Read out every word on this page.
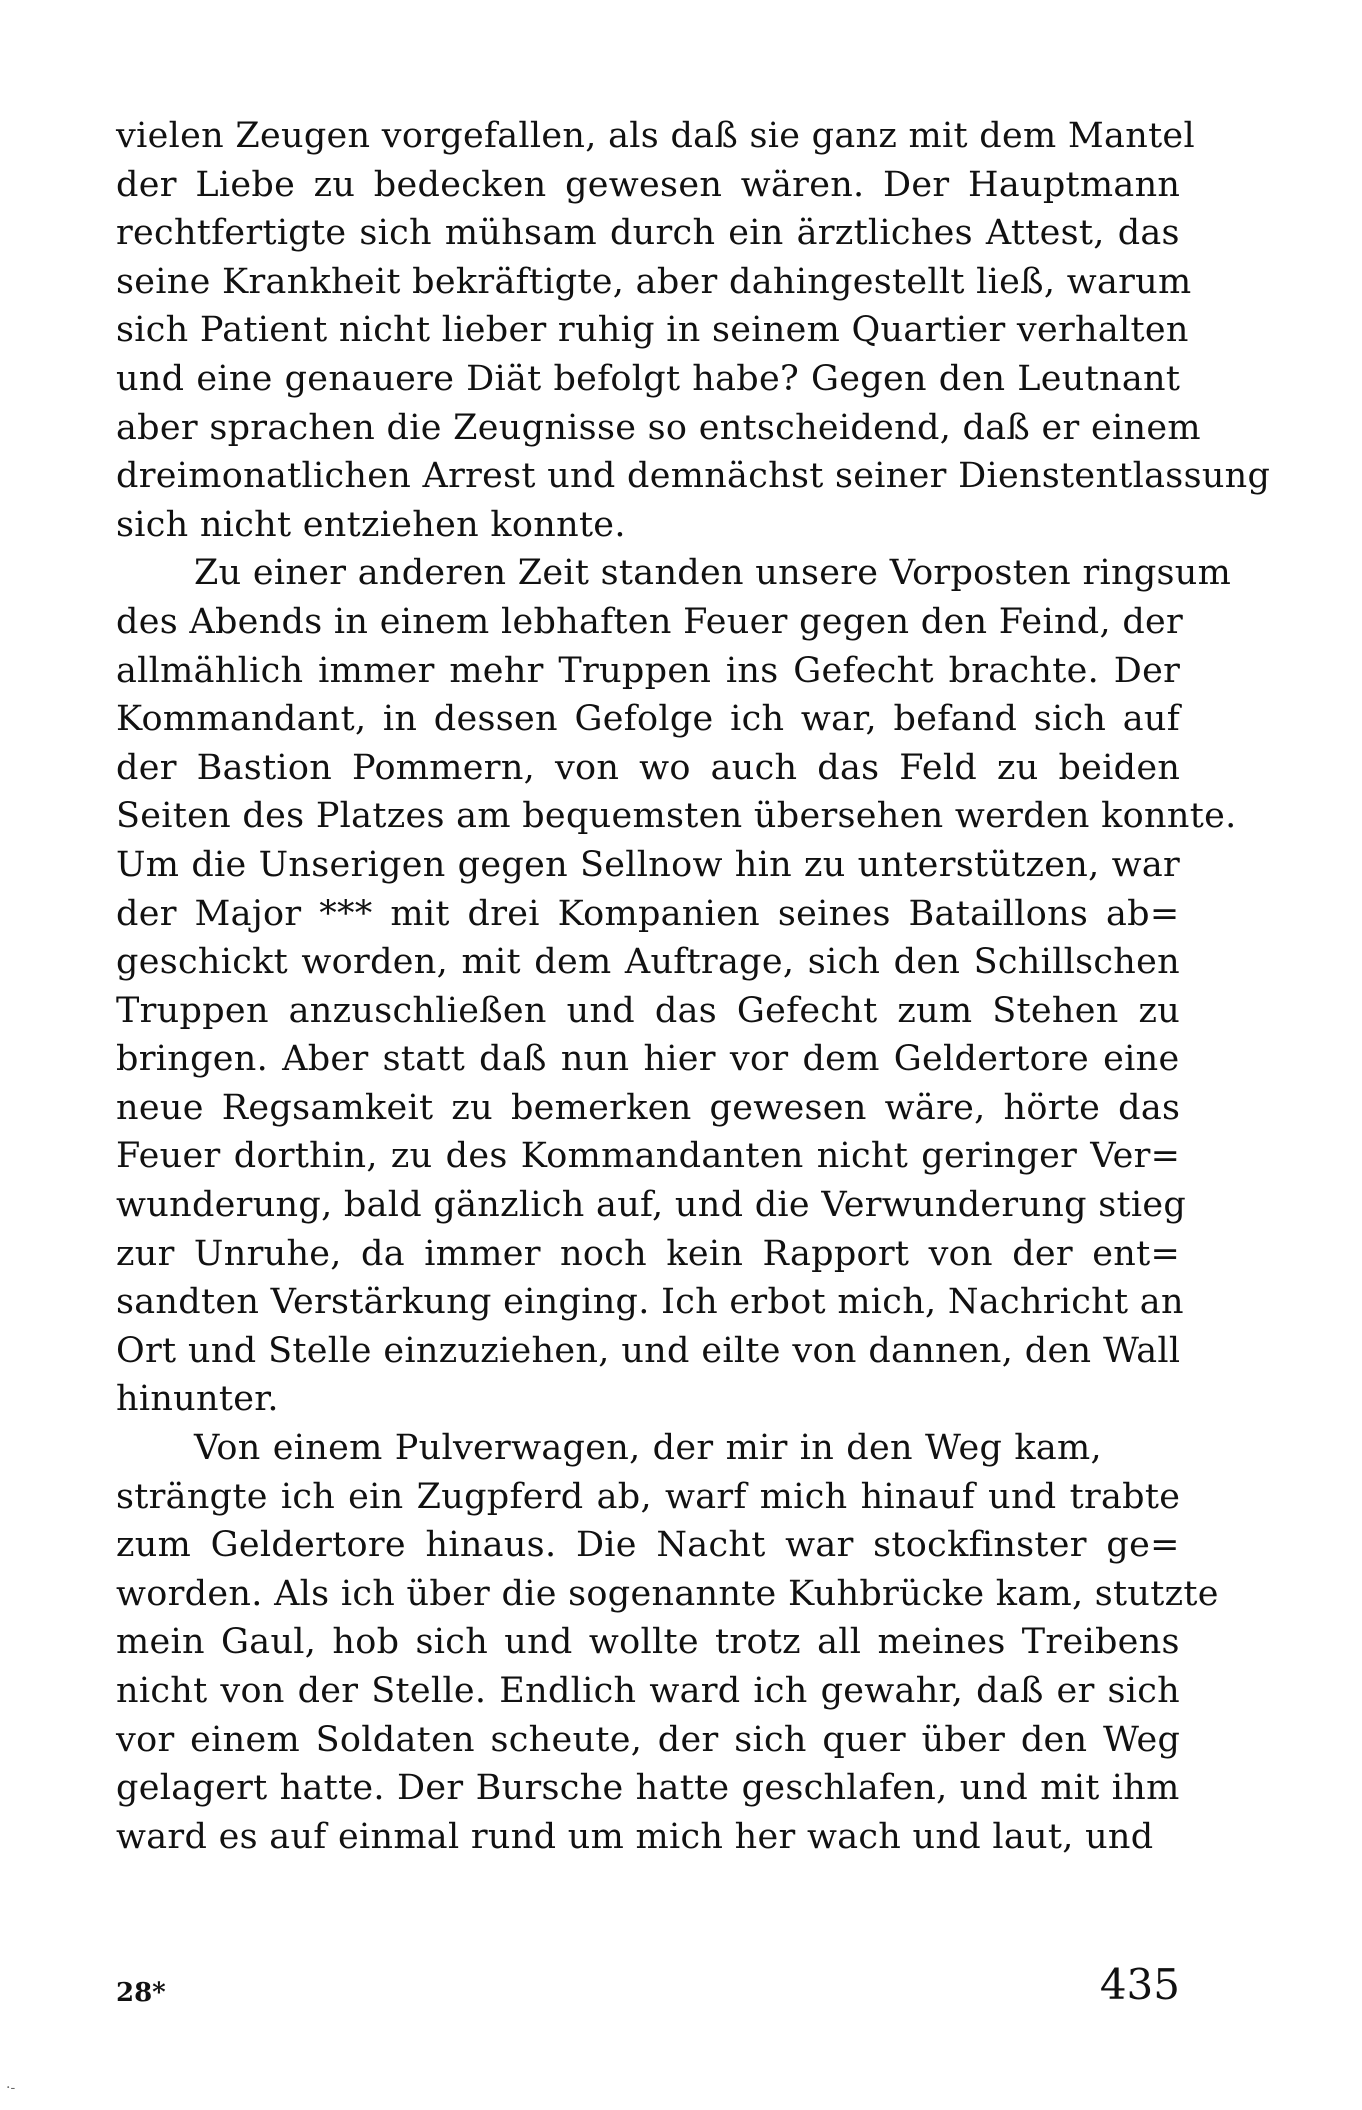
vielen Zeugen vorgefallen, als daß sie ganz mit dem Mantel
der Liebe zu bedecken gewesen wären. Der Hauptmann
rechtfertigte sich mühsam durch ein ärztliches Attest, das
seine Krankheit bekräftigte, aber dahingestellt ließ, warum
sich Patient nicht lieber ruhig in seinem Quartier verhalten
und eine genauere Diät befolgt habe? Gegen den Leutnant
aber sprachen die Zeugnisse so entscheidend, daß er einem
dreimonatlichen Arrest und demnächst seiner Dienstentlassung
sich nicht entziehen konnte.
Zu einer anderen Zeit standen unsere Vorposten ringsum
des Abends in einem lebhaften Feuer gegen den Feind, der
allmählich immer mehr Truppen ins Gefecht brachte. Der
Kommandant, in dessen Gefolge ich war, befand sich auf
der Bastion Pommern, von wo auch das Feld zu beiden
Seiten des Platzes am bequemsten übersehen werden konnte.
Um die Unserigen gegen Sellnow hin zu unterstützen, war
der Major *** mit drei Kompanien seines Bataillons ab=
geschickt worden, mit dem Auftrage, sich den Schillschen
Truppen anzuschließen und das Gefecht zum Stehen zu
bringen. Aber statt daß nun hier vor dem Geldertore eine
neue Regsamkeit zu bemerken gewesen wäre, hörte das
Feuer dorthin, zu des Kommandanten nicht geringer Ver=
wunderung, bald gänzlich auf, und die Verwunderung stieg
zur Unruhe, da immer noch kein Rapport von der ent=
sandten Verstärkung einging. Ich erbot mich, Nachricht an
Ort und Stelle einzuziehen, und eilte von dannen, den Wall
hinunter.
Von einem Pulverwagen, der mir in den Weg kam,
strängte ich ein Zugpferd ab, warf mich hinauf und trabte
zum Geldertore hinaus. Die Nacht war stockfinster ge=
worden. Als ich über die sogenannte Kuhbrücke kam, stutzte
mein Gaul, hob sich und wollte trotz all meines Treibens
nicht von der Stelle. Endlich ward ich gewahr, daß er sich
vor einem Soldaten scheute, der sich quer über den Weg
gelagert hatte. Der Bursche hatte geschlafen, und mit ihm
ward es auf einmal rund um mich her wach und laut, und
28*	435
·‑
